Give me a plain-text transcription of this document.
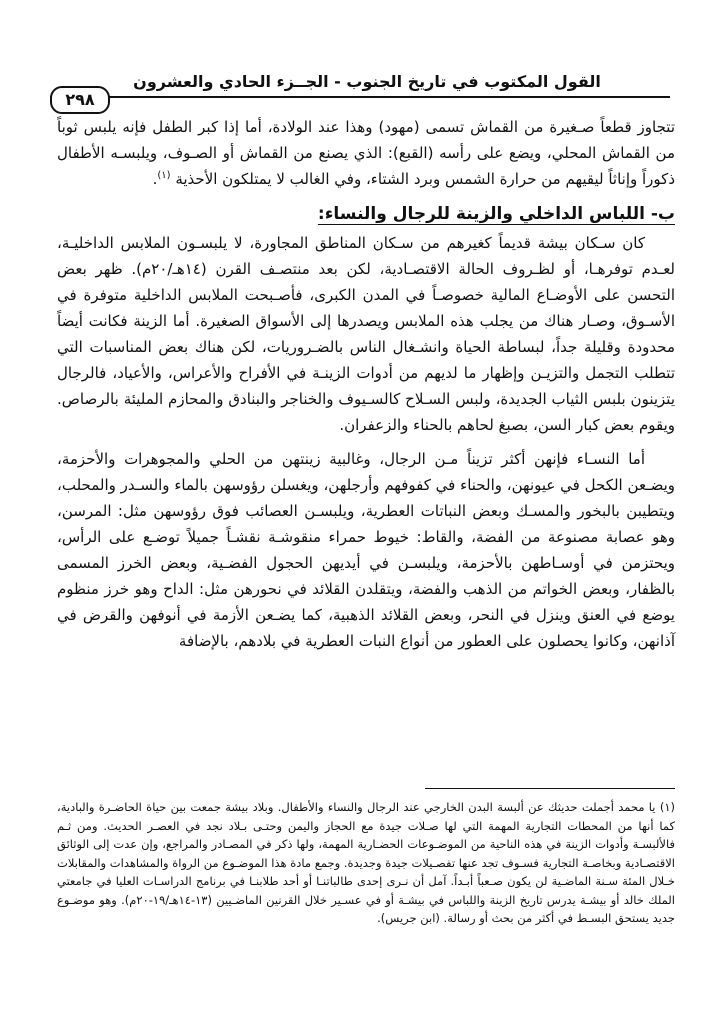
القول المكتوب في تاريخ الجنوب - الجــزء الحادي والعشرون
٢٩٨

تتجاوز قطعاً صـغيرة من القماش تسمى (مهود) وهذا عند الولادة، أما إذا كبر الطفل فإنه يلبس ثوباً من القماش المحلي، ويضع على رأسه (القبع): الذي يصنع من القماش أو الصـوف، ويلبسـه الأطفال ذكوراً وإناثاً ليقيهم من حرارة الشمس وبرد الشتاء، وفي الغالب لا يمتلكون الأحذية $^{(١)}$.

ب- اللباس الداخلي والزينة للرجال والنساء:

كان سـكان بيشة قديماً كغيرهم من سـكان المناطق المجاورة، لا يلبسـون الملابس الداخليـة، لعـدم توفرهـا، أو لظـروف الحالة الاقتصـادية، لكن بعد منتصـف القرن (١٤هـ/٢٠م). ظهر بعض التحسن على الأوضـاع المالية خصوصـاً في المدن الكبرى، فأصـبحت الملابس الداخلية متوفرة في الأسـوق، وصـار هناك من يجلب هذه الملابس ويصدرها إلى الأسواق الصغيرة. أما الزينة فكانت أيضاً محدودة وقليلة جداً، لبساطة الحياة وانشـغال الناس بالضـروريات، لكن هناك بعض المناسبات التي تتطلب التجمل والتزيـن وإظهار ما لديهم من أدوات الزينـة في الأفراح والأعراس، والأعياد، فالرجال يتزينون بلبس الثياب الجديدة، ولبس السـلاح كالسـيوف والخناجر والبنادق والمحازم المليئة بالرصاص. ويقوم بعض كبار السن، بصبغ لحاهم بالحناء والزعفران.

أما النسـاء فإنهن أكثر تزيناً مـن الرجال، وغالبية زينتهن من الحلي والمجوهرات والأحزمة، ويضـعن الكحل في عيونهن، والحناء في كفوفهم وأرجلهن، ويغسلن رؤوسهن بالماء والسـدر والمحلب، ويتطيبن بالبخور والمسـك وبعض النباتات العطرية، ويلبسـن العصائب فوق رؤوسهن مثل: المرسن، وهو عصابة مصنوعة من الفضة، والقاط: خيوط حمراء منقوشـة نقشـاً جميلاً توضـع على الرأس، ويحتزمن في أوسـاطهن بالأحزمة، ويلبسـن في أيديهن الحجول الفضـية، وبعض الخرز المسمى بالظفار، وبعض الخواتم من الذهب والفضة، ويتقلدن القلائد في نحورهن مثل: الداح وهو خرز منظوم يوضع في العنق وينزل في النحر، وبعض القلائد الذهبية، كما يضـعن الأزمة في أنوفهن والقرض في آذانهن، وكانوا يحصلون على العطور من أنواع النبات العطرية في بلادهم، بالإضافة

(١) يا محمد أجملت حديثك عن ألبسة البدن الخارجي عند الرجال والنساء والأطفال. وبلاد بيشة جمعت بين حياة الحاضـرة والبادية، كما أنها من المحطات التجارية المهمة التي لها صـلات جيدة مع الحجاز واليمن وحتـى بـلاد نجد في العصـر الحديث. ومن ثـم فالألبسـة وأدوات الزينة في هذه الناحية من الموضـوعات الحضـارية المهمة، ولها ذكر في المصـادر والمراجع، وإن عدت إلى الوثائق الاقتصـادية وبخاصـة التجارية فسـوف تجد عنها تفصـيلات جيدة وجديدة. وجمع مادة هذا الموضـوع من الرواة والمشاهدات والمقابلات خـلال المئة سـنة الماضـية لن يكون صـعباً أبـداً. آمل أن نـرى إحدى طالباتنـا أو أحد طلابنـا في برنامج الدراسـات العليا في جامعتي الملك خالد أو بيشـة يدرس تاريخ الزينة واللباس في بيشـة أو في عسـير خلال القرنين الماضـيين (١٣-١٤هـ/١٩-٢٠م). وهو موضـوع جديد يستحق البسـط في أكثر من بحث أو رسالة. (ابن جريس).
